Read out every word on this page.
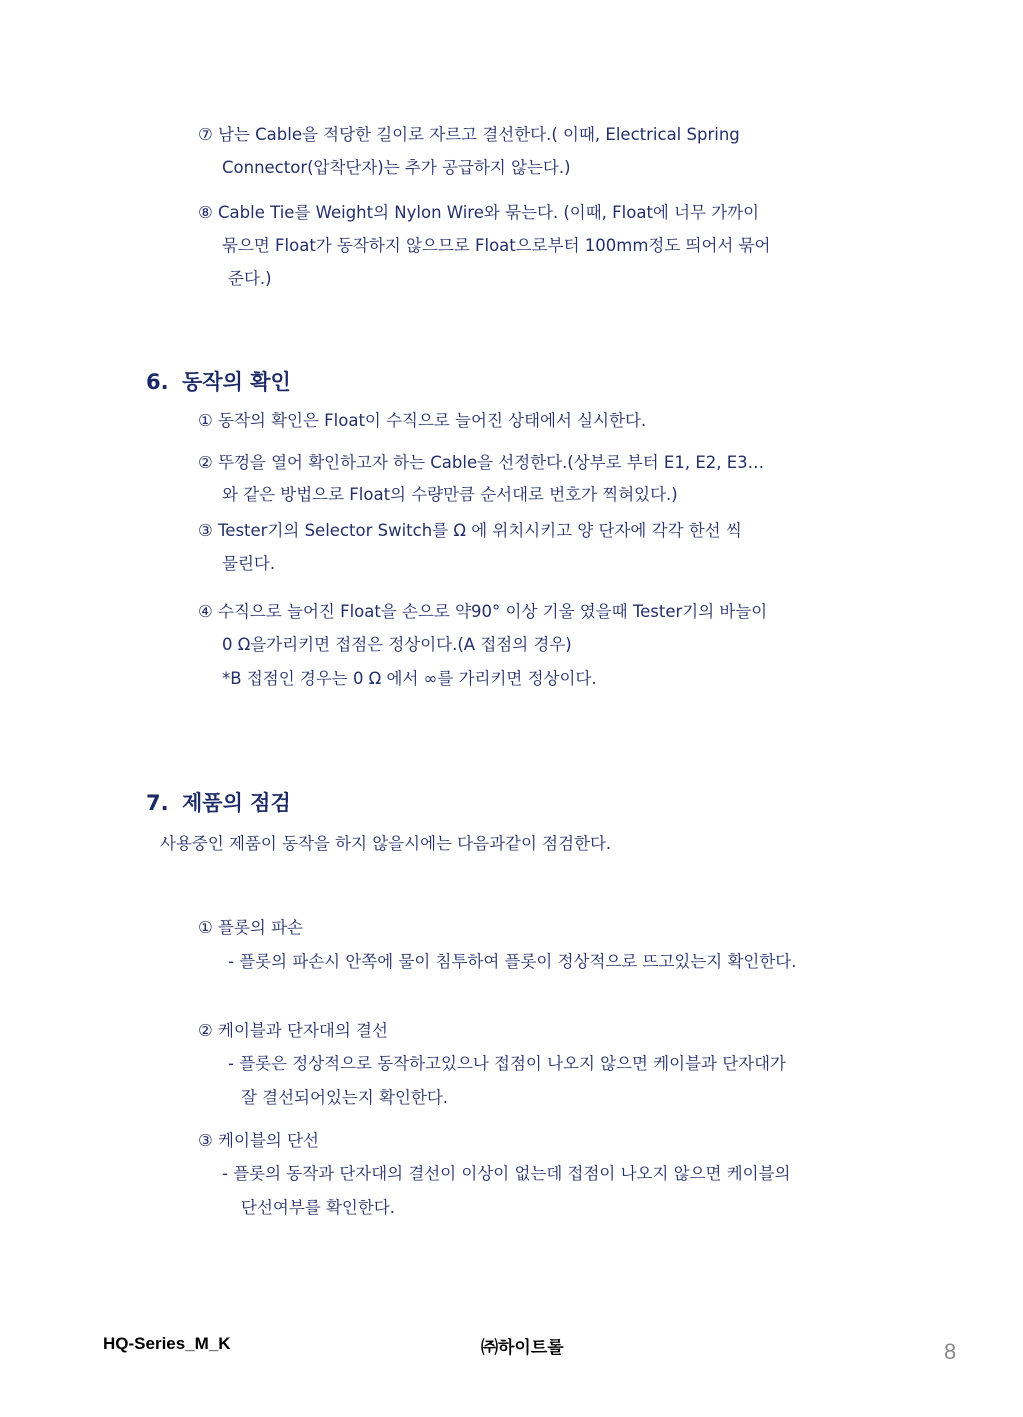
⑦ 남는 Cable을 적당한 길이로 자르고 결선한다.( 이때, Electrical Spring
Connector(압착단자)는 추가 공급하지 않는다.)
⑧ Cable Tie를 Weight의 Nylon Wire와 묶는다. (이때, Float에 너무 가까이
묶으면 Float가 동작하지 않으므로 Float으로부터 100mm정도 띄어서 묶어
준다.)
6. 동작의 확인
① 동작의 확인은 Float이 수직으로 늘어진 상태에서 실시한다.
② 뚜껑을 열어 확인하고자 하는 Cable을 선정한다.(상부로 부터 E1, E2, E3…
와 같은 방법으로 Float의 수량만큼 순서대로 번호가 찍혀있다.)
③ Tester기의 Selector Switch를 Ω 에 위치시키고 양 단자에 각각 한선 씩
물린다.
④ 수직으로 늘어진 Float을 손으로 약90° 이상 기울 였을때 Tester기의 바늘이
0 Ω을가리키면 접점은 정상이다.(A 접점의 경우)
*B 접점인 경우는 0 Ω 에서 ∞를 가리키면 정상이다.
7. 제품의 점검
사용중인 제품이 동작을 하지 않을시에는 다음과같이 점검한다.
① 플롯의 파손
- 플롯의 파손시 안쪽에 물이 침투하여 플롯이 정상적으로 뜨고있는지 확인한다.
② 케이블과 단자대의 결선
- 플롯은 정상적으로 동작하고있으나 접점이 나오지 않으면 케이블과 단자대가
잘 결선되어있는지 확인한다.
③ 케이블의 단선
- 플롯의 동작과 단자대의 결선이 이상이 없는데 접점이 나오지 않으면 케이블의
단선여부를 확인한다.
HQ-Series_M_K	㈜하이트롤	8
